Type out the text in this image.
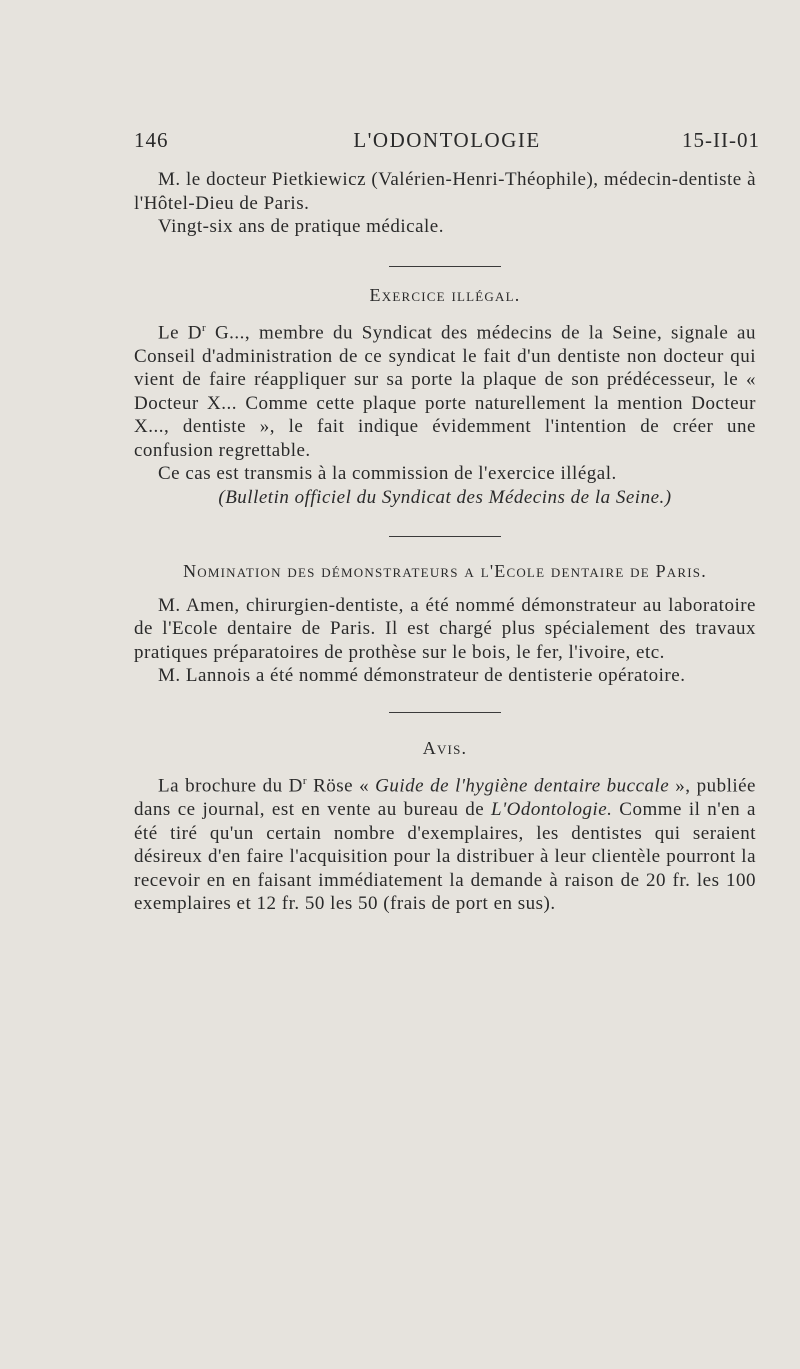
146	L'ODONTOLOGIE	15-II-01

M. le docteur Pietkiewicz (Valérien-Henri-Théophile), médecin-dentiste à l'Hôtel-Dieu de Paris.

Vingt-six ans de pratique médicale.

Exercice illégal.

Le $D^r$ G..., membre du Syndicat des médecins de la Seine, signale au Conseil d'administration de ce syndicat le fait d'un dentiste non docteur qui vient de faire réappliquer sur sa porte la plaque de son prédécesseur, le « Docteur X... Comme cette plaque porte naturellement la mention Docteur X..., dentiste », le fait indique évidemment l'intention de créer une confusion regrettable.

Ce cas est transmis à la commission de l'exercice illégal.

(Bulletin officiel du Syndicat des Médecins de la Seine.)
Nomination des démonstrateurs a l'Ecole dentaire de Paris.

M. Amen, chirurgien-dentiste, a été nommé démonstrateur au laboratoire de l'Ecole dentaire de Paris. Il est chargé plus spécialement des travaux pratiques préparatoires de prothèse sur le bois, le fer, l'ivoire, etc.

M. Lannois a été nommé démonstrateur de dentisterie opératoire.

Avis.

La brochure du $D^r$ Röse « Guide de l'hygiène dentaire buccale », publiée dans ce journal, est en vente au bureau de L'Odontologie. Comme il n'en a été tiré qu'un certain nombre d'exemplaires, les dentistes qui seraient désireux d'en faire l'acquisition pour la distribuer à leur clientèle pourront la recevoir en en faisant immédiatement la demande à raison de 20 fr. les 100 exemplaires et 12 fr. 50 les 50 (frais de port en sus).
